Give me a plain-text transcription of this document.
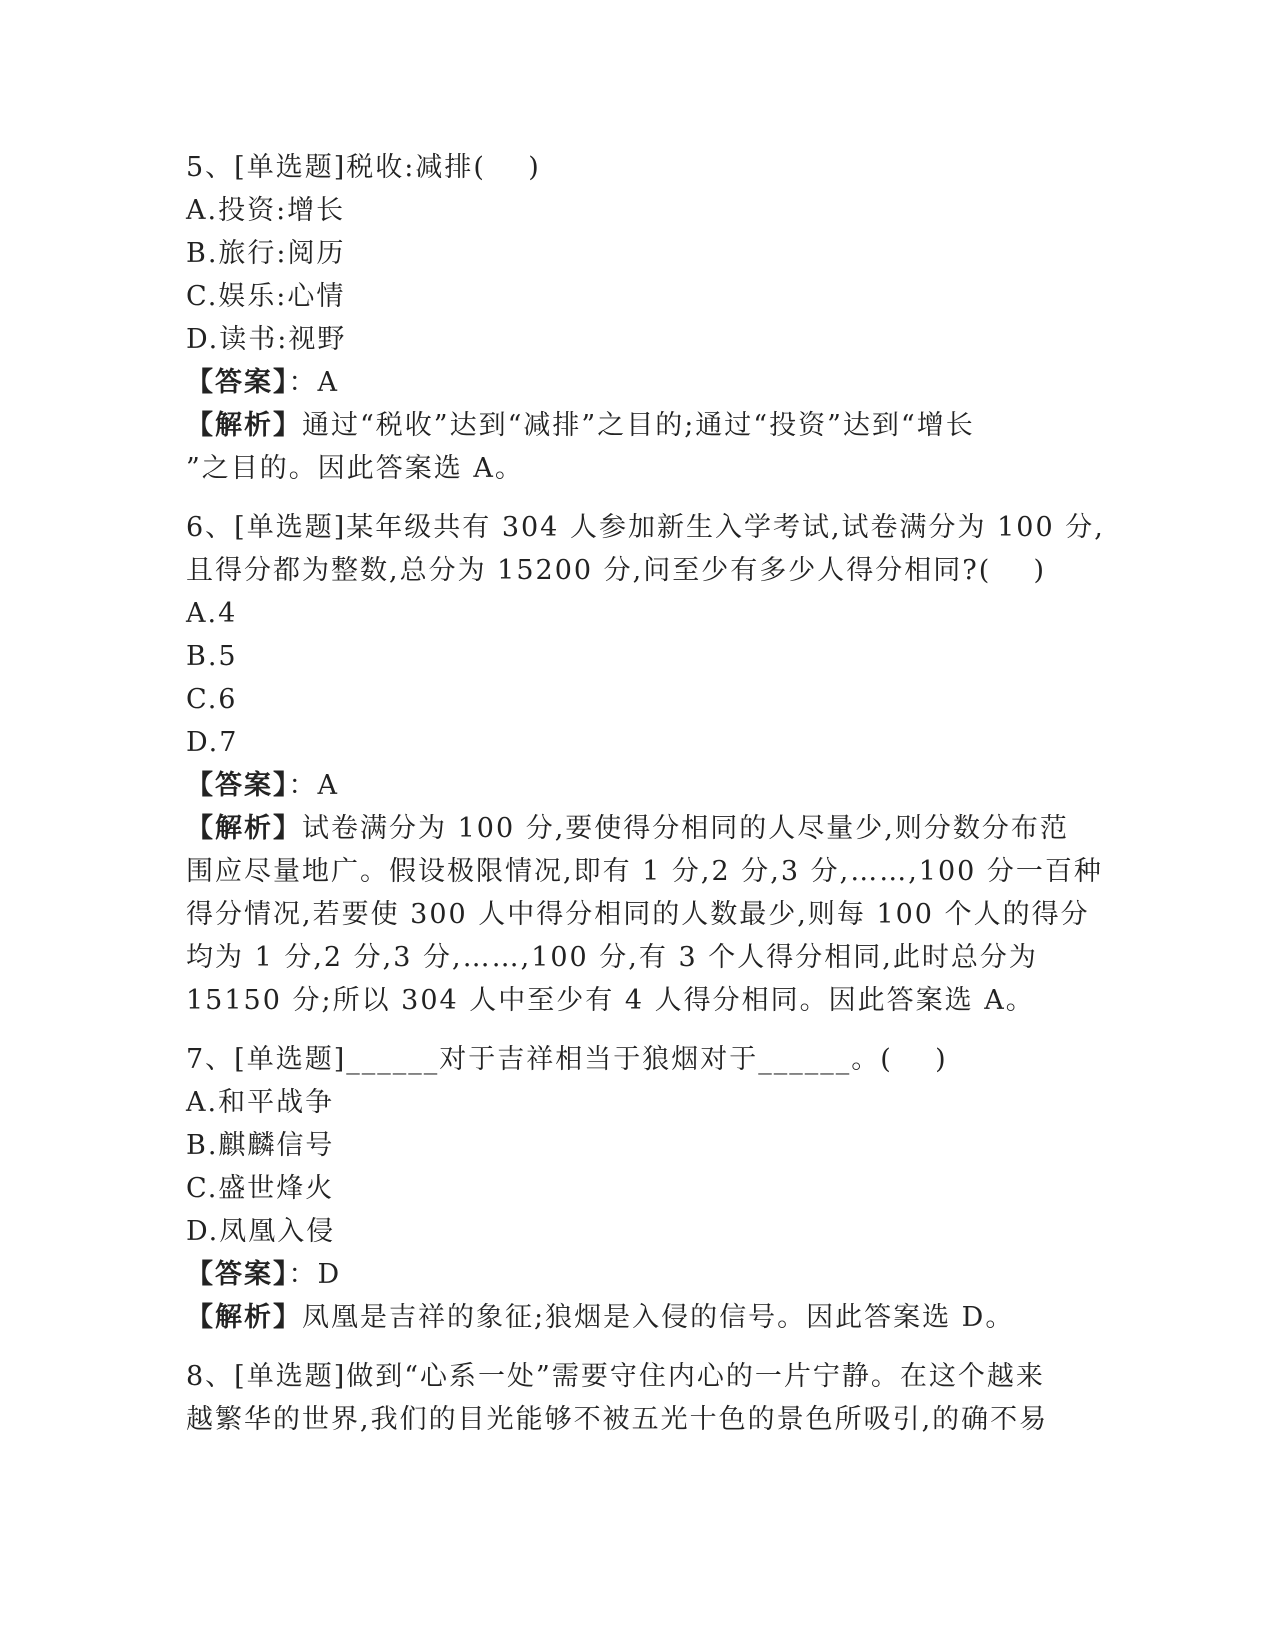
5、[单选题]税收:减排(    )
A.投资:增长
B.旅行:阅历
C.娱乐:心情
D.读书:视野
【答案】：A
【解析】通过“税收”达到“减排”之目的;通过“投资”达到“增长
”之目的。因此答案选 A。
6、[单选题]某年级共有 304 人参加新生入学考试,试卷满分为 100 分,
且得分都为整数,总分为 15200 分,问至少有多少人得分相同?(    )
A.4
B.5
C.6
D.7
【答案】：A
【解析】试卷满分为 100 分,要使得分相同的人尽量少,则分数分布范
围应尽量地广。假设极限情况,即有 1 分,2 分,3 分,……,100 分一百种
得分情况,若要使 300 人中得分相同的人数最少,则每 100 个人的得分
均为 1 分,2 分,3 分,……,100 分,有 3 个人得分相同,此时总分为
15150 分;所以 304 人中至少有 4 人得分相同。因此答案选 A。
7、[单选题]______对于吉祥相当于狼烟对于______。(    )
A.和平战争
B.麒麟信号
C.盛世烽火
D.凤凰入侵
【答案】：D
【解析】凤凰是吉祥的象征;狼烟是入侵的信号。因此答案选 D。
8、[单选题]做到“心系一处”需要守住内心的一片宁静。在这个越来
越繁华的世界,我们的目光能够不被五光十色的景色所吸引,的确不易
